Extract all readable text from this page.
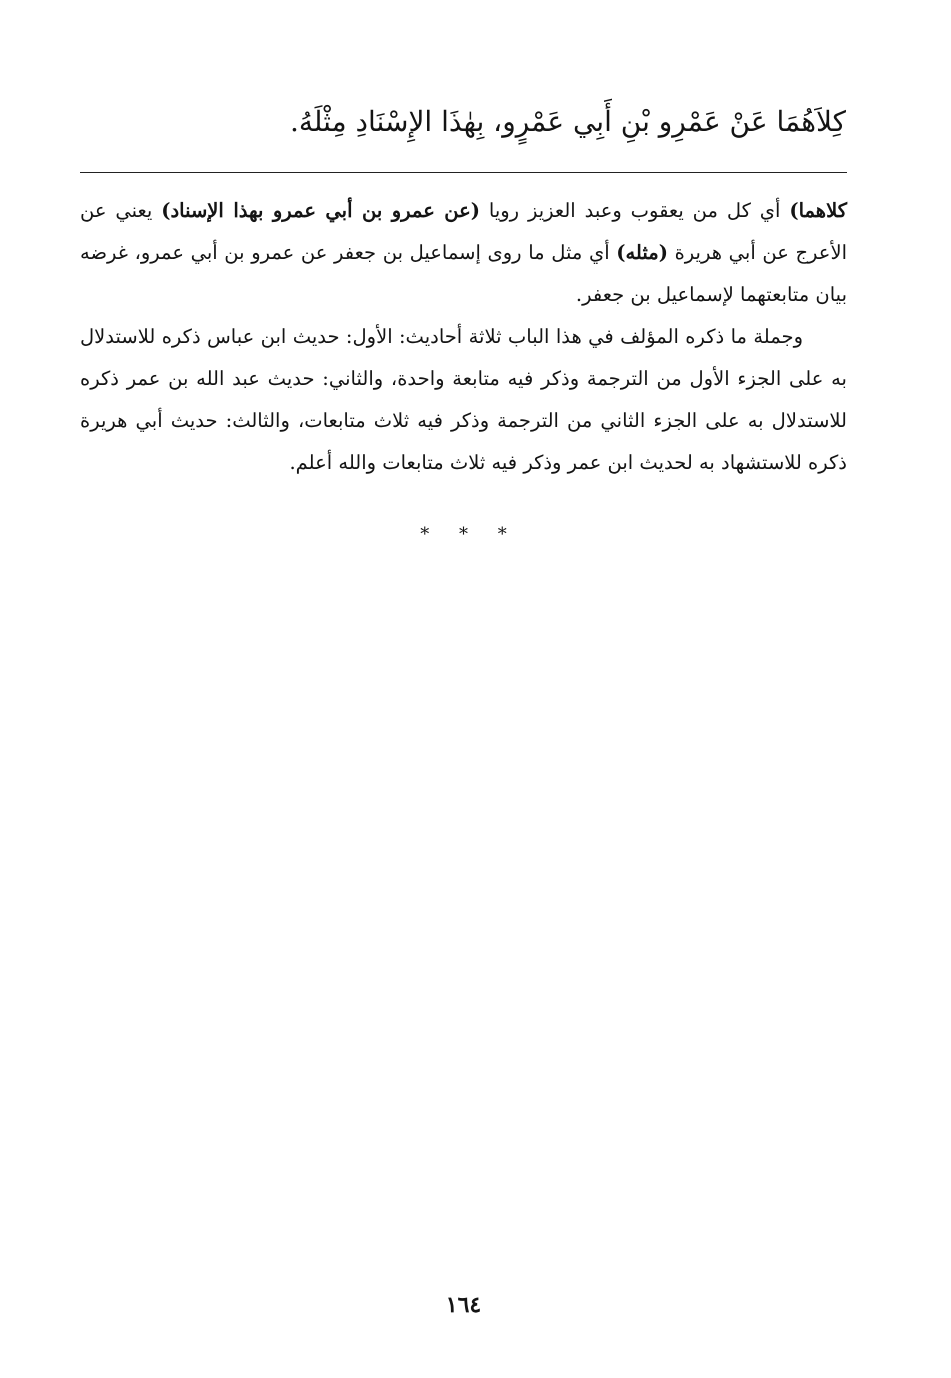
كِلاَهُمَا عَنْ عَمْرِو بْنِ أَبِي عَمْرٍو، بِهٰذَا الإِسْنَادِ مِثْلَهُ.

كلاهما) أي كل من يعقوب وعبد العزيز رويا (عن عمرو بن أبي عمرو بهذا الإسناد) يعني عن الأعرج عن أبي هريرة (مثله) أي مثل ما روى إسماعيل بن جعفر عن عمرو بن أبي عمرو، غرضه بيان متابعتهما لإسماعيل بن جعفر.

وجملة ما ذكره المؤلف في هذا الباب ثلاثة أحاديث: الأول: حديث ابن عباس ذكره للاستدلال به على الجزء الأول من الترجمة وذكر فيه متابعة واحدة، والثاني: حديث عبد الله بن عمر ذكره للاستدلال به على الجزء الثاني من الترجمة وذكر فيه ثلاث متابعات، والثالث: حديث أبي هريرة ذكره للاستشهاد به لحديث ابن عمر وذكر فيه ثلاث متابعات والله أعلم.

* * *
١٦٤
